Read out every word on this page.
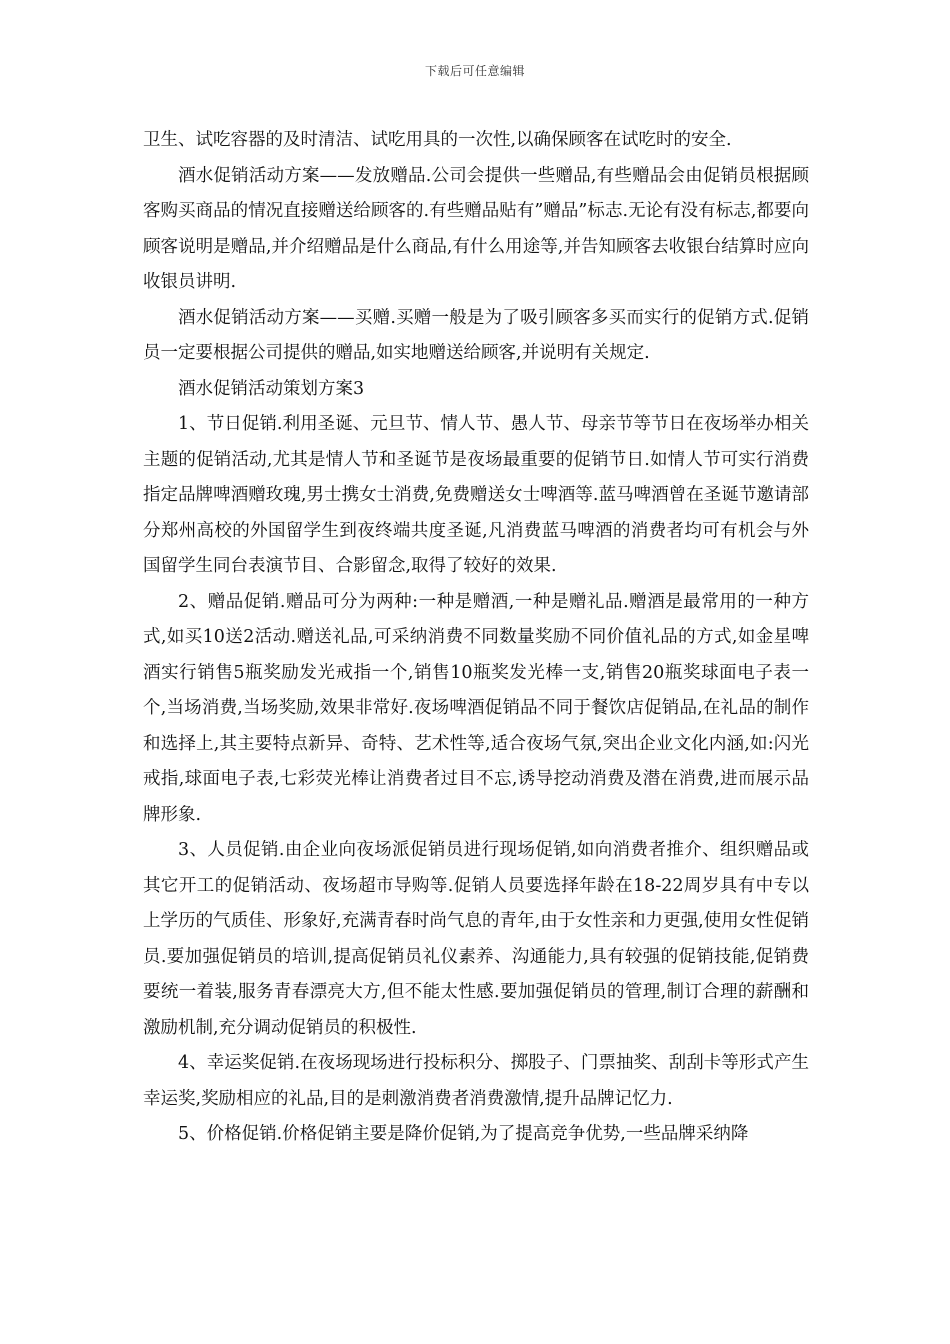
下载后可任意编辑

卫生、试吃容器的及时清洁、试吃用具的一次性,以确保顾客在试吃时的安全.

酒水促销活动方案——发放赠品.公司会提供一些赠品,有些赠品会由促销员根据顾客购买商品的情况直接赠送给顾客的.有些赠品贴有”赠品”标志.无论有没有标志,都要向顾客说明是赠品,并介绍赠品是什么商品,有什么用途等,并告知顾客去收银台结算时应向收银员讲明.

酒水促销活动方案——买赠.买赠一般是为了吸引顾客多买而实行的促销方式.促销员一定要根据公司提供的赠品,如实地赠送给顾客,并说明有关规定.

酒水促销活动策划方案3

1、节日促销.利用圣诞、元旦节、情人节、愚人节、母亲节等节日在夜场举办相关主题的促销活动,尤其是情人节和圣诞节是夜场最重要的促销节日.如情人节可实行消费指定品牌啤酒赠玫瑰,男士携女士消费,免费赠送女士啤酒等.蓝马啤酒曾在圣诞节邀请部分郑州高校的外国留学生到夜终端共度圣诞,凡消费蓝马啤酒的消费者均可有机会与外国留学生同台表演节目、合影留念,取得了较好的效果.

2、赠品促销.赠品可分为两种:一种是赠酒,一种是赠礼品.赠酒是最常用的一种方式,如买10送2活动.赠送礼品,可采纳消费不同数量奖励不同价值礼品的方式,如金星啤酒实行销售5瓶奖励发光戒指一个,销售10瓶奖发光棒一支,销售20瓶奖球面电子表一个,当场消费,当场奖励,效果非常好.夜场啤酒促销品不同于餐饮店促销品,在礼品的制作和选择上,其主要特点新异、奇特、艺术性等,适合夜场气氛,突出企业文化内涵,如:闪光戒指,球面电子表,七彩荧光棒让消费者过目不忘,诱导挖动消费及潜在消费,进而展示品牌形象.

3、人员促销.由企业向夜场派促销员进行现场促销,如向消费者推介、组织赠品或其它开工的促销活动、夜场超市导购等.促销人员要选择年龄在18-22周岁具有中专以上学历的气质佳、形象好,充满青春时尚气息的青年,由于女性亲和力更强,使用女性促销员.要加强促销员的培训,提高促销员礼仪素养、沟通能力,具有较强的促销技能,促销费要统一着装,服务青春漂亮大方,但不能太性感.要加强促销员的管理,制订合理的薪酬和激励机制,充分调动促销员的积极性.

4、幸运奖促销.在夜场现场进行投标积分、掷股子、门票抽奖、刮刮卡等形式产生幸运奖,奖励相应的礼品,目的是刺激消费者消费激情,提升品牌记忆力.

5、价格促销.价格促销主要是降价促销,为了提高竞争优势,一些品牌采纳降
